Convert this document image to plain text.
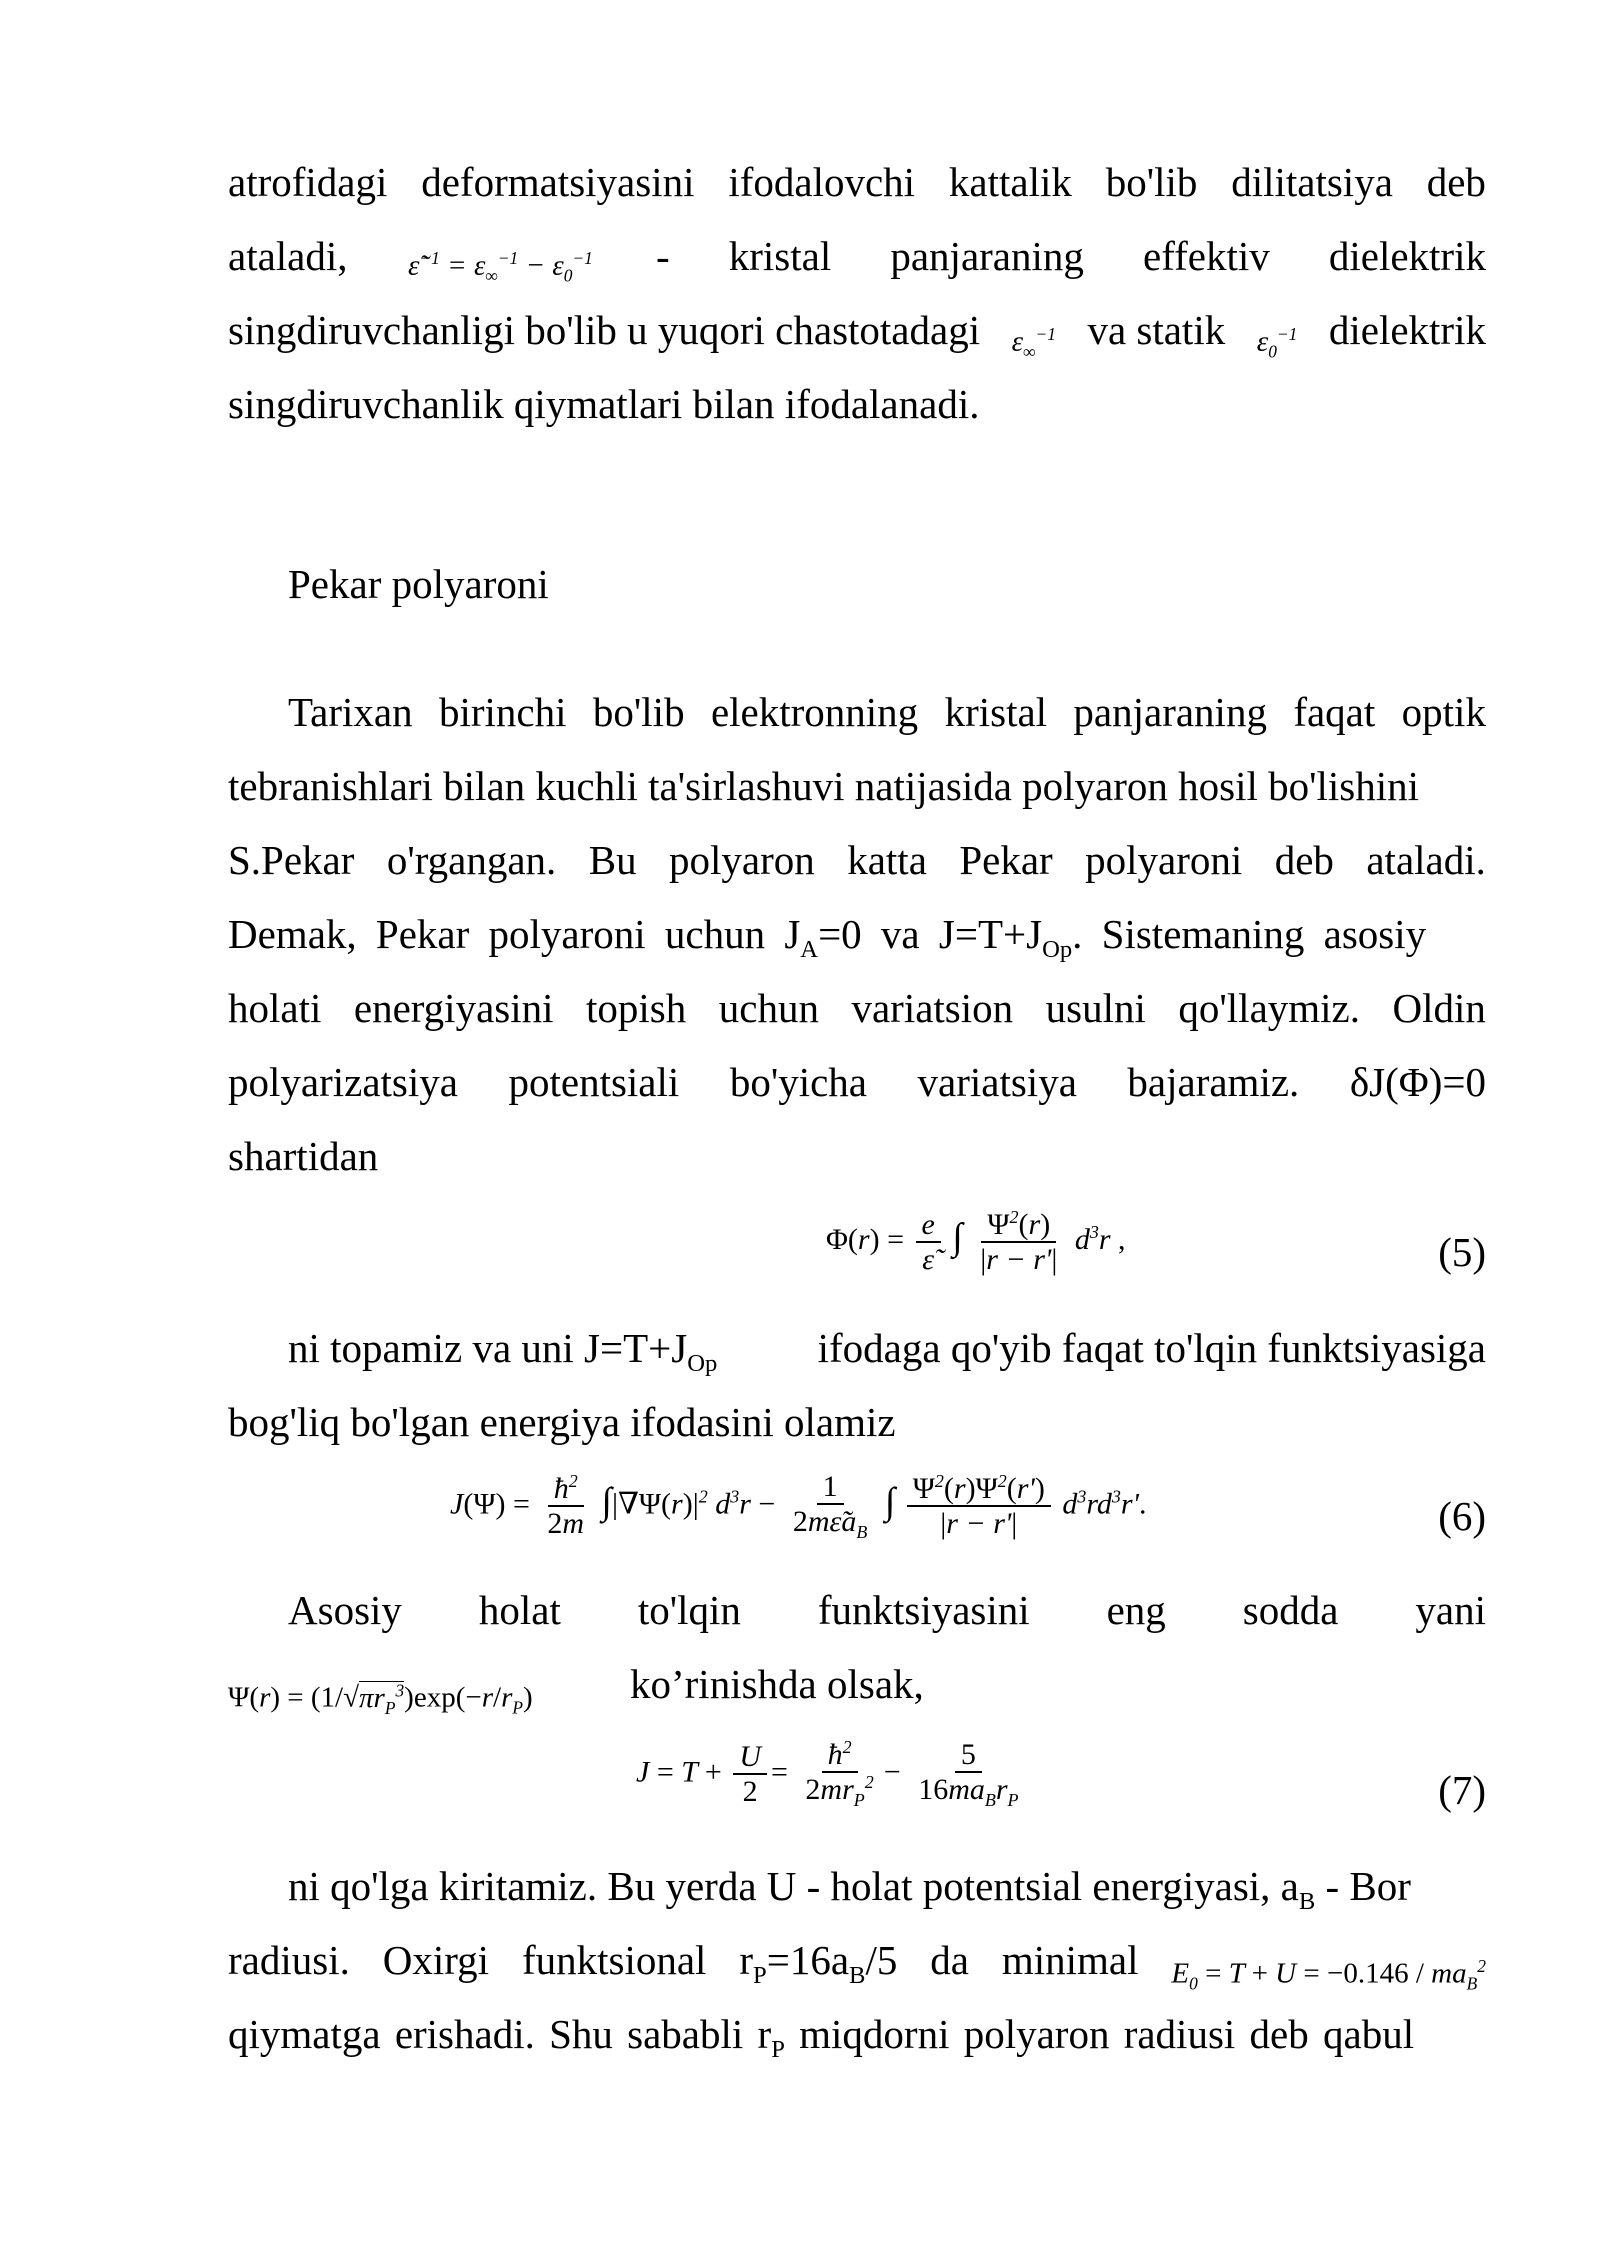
atrofidagi deformatsiyasini ifodalovchi kattalik bo'lib dilitatsiya deb
ataladi, ε̃$^{-1}$ = $\varepsilon_\infty^{-1} - \varepsilon_0^{-1}$ - kristal panjaraning effektiv dielektrik
singdiruvchanligi bo'lib u yuqori chastotadagi $\varepsilon_\infty^{-1}$ va statik $\varepsilon_0^{-1}$ dielektrik
singdiruvchanlik qiymatlari bilan ifodalanadi.
Pekar polyaroni
Tarixan birinchi bo'lib elektronning kristal panjaraning faqat optik
tebranishlari bilan kuchli ta'sirlashuvi natijasida polyaron hosil bo'lishini
S.Pekar o'rgangan. Bu polyaron katta Pekar polyaroni deb ataladi.
Demak, Pekar polyaroni uchun $J_A=0$ va $J=T+J_{Op}$. Sistemaning asosiy
holati energiyasini topish uchun variatsion usulni qo'llaymiz. Oldin
polyarizatsiya potentsiali bo'yicha variatsiya bajaramiz. δJ(Φ)=0
shartidan
$\Phi(r) = \frac{e}{\varepsiloñ}$ ∫ $\frac{\Psi^2(r)}{|r - r'|} d^3r$ ,	(5)
ni topamiz va uni $J=T+J_{Op}$ ifodaga qo'yib faqat to'lqin funktsiyasiga
bog'liq bo'lgan energiya ifodasini olamiz
$J(\Psi) = \frac{ħ^2}{2m} \int|\nabla\Psi(r)|^2$ $d^3r - \frac{1}{2m\varepsiloña_B}$ ∫ $\frac{\Psi^2(r)\Psi^2(r')}{|r - r'|} d^3rd^3r'$.	(6)
Asosiy holat to'lqin funktsiyasini eng sodda yani
$\Psi(r) = (1/√\pi r_P^3)\exp(-r/r_P)$ ko’rinishda olsak,
$J = T + \frac{U}{2} = \frac{ħ^2}{2mr_P^2} - \frac{5}{16ma_Br_P}$	(7)
ni qo'lga kiritamiz. Bu yerda U - holat potentsial energiyasi, $a_B$ - Bor
radiusi. Oxirgi funktsional $r_P=16a_B/5$ da minimal $E_0 = T + U = -0.146 / ma_B^2$
qiymatga erishadi. Shu sababli $r_P$ miqdorni polyaron radiusi deb qabul
